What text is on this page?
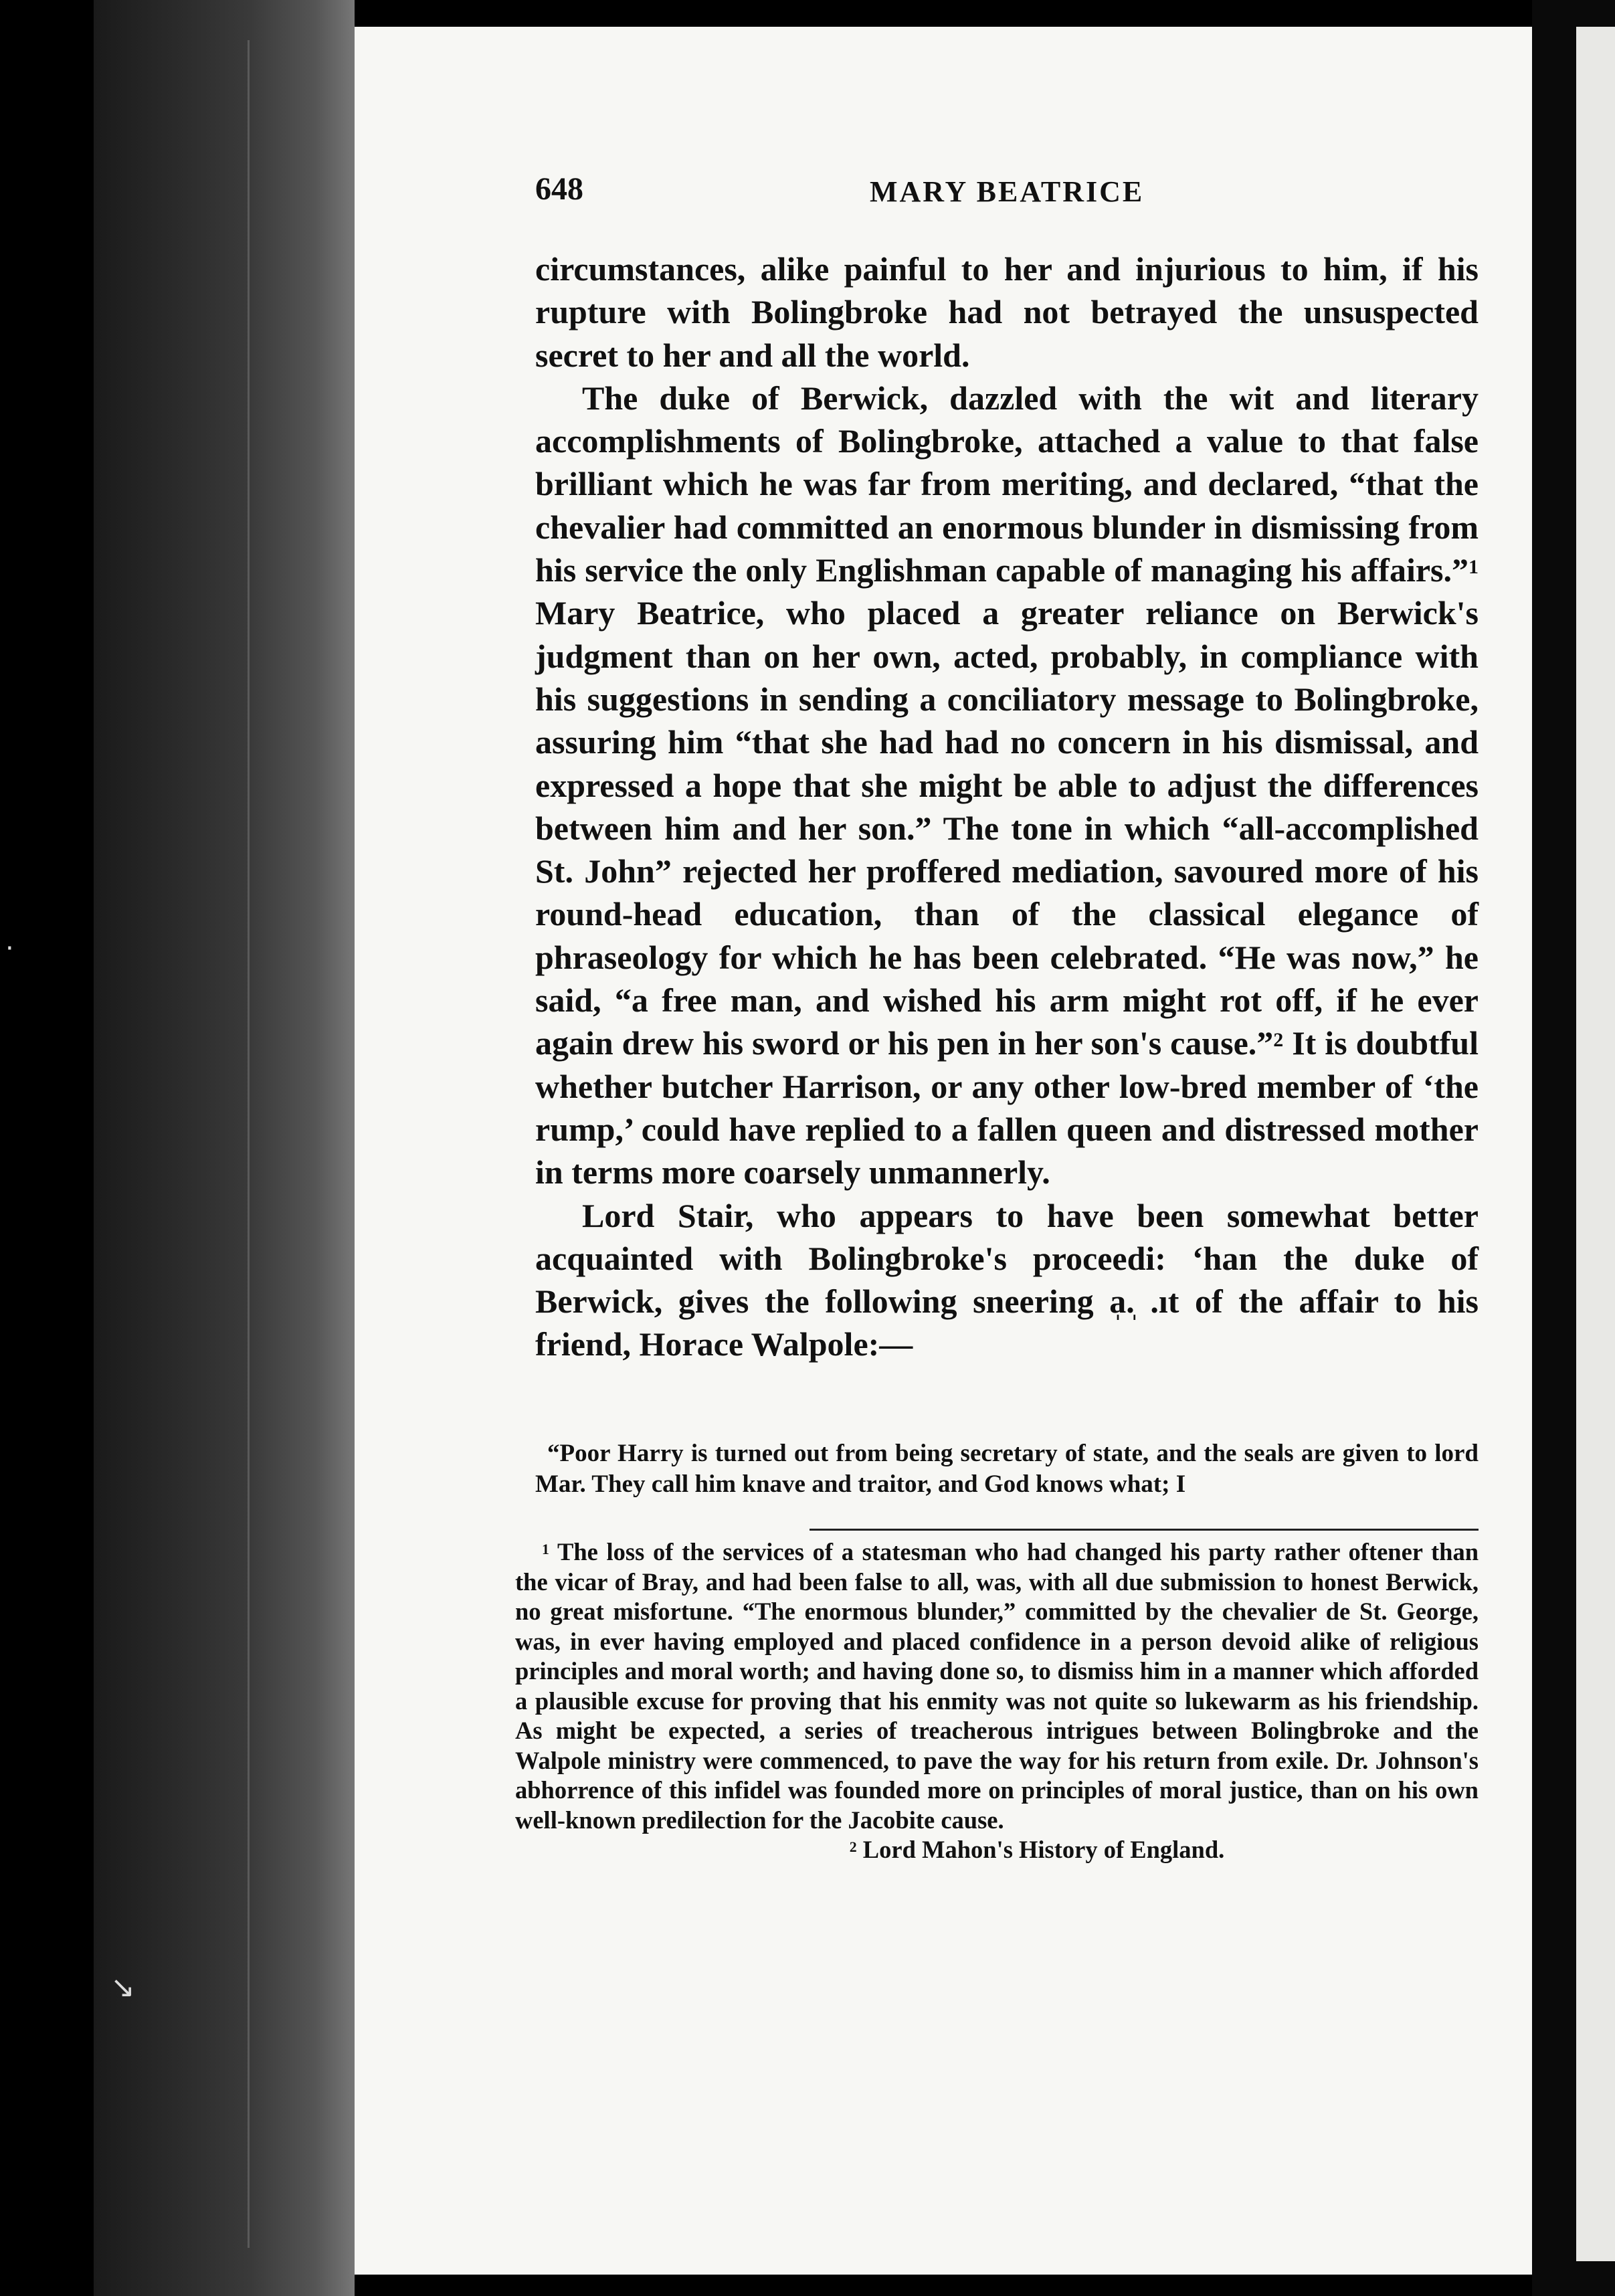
648	MARY BEATRICE

circumstances, alike painful to her and injurious to him, if his rupture with Bolingbroke had not betrayed the unsuspected secret to her and all the world.

The duke of Berwick, dazzled with the wit and literary accomplishments of Bolingbroke, attached a value to that false brilliant which he was far from meriting, and declared, “that the chevalier had committed an enormous blunder in dismissing from his service the only Englishman capable of managing his affairs.”$^1$ Mary Beatrice, who placed a greater reliance on Berwick's judgment than on her own, acted, probably, in compliance with his suggestions in sending a conciliatory message to Bolingbroke, assuring him “that she had had no concern in his dismissal, and expressed a hope that she might be able to adjust the differences between him and her son.” The tone in which “all-accomplished St. John” rejected her proffered mediation, savoured more of his round-head education, than of the classical elegance of phraseology for which he has been celebrated. “He was now,” he said, “a free man, and wished his arm might rot off, if he ever again drew his sword or his pen in her son's cause.”$^2$ It is doubtful whether butcher Harrison, or any other low-bred member of ‘the rump,’ could have replied to a fallen queen and distressed mother in terms more coarsely unmannerly.

Lord Stair, who appears to have been somewhat better acquainted with Bolingbroke's proceedi: ‘han the duke of Berwick, gives the following sneering a̩.̩ .ıt of the affair to his friend, Horace Walpole:—

“Poor Harry is turned out from being secretary of state, and the seals are given to lord Mar. They call him knave and traitor, and God knows what; I

$^1$ The loss of the services of a statesman who had changed his party rather oftener than the vicar of Bray, and had been false to all, was, with all due submission to honest Berwick, no great misfortune. “The enormous blunder,” committed by the chevalier de St. George, was, in ever having employed and placed confidence in a person devoid alike of religious principles and moral worth; and having done so, to dismiss him in a manner which afforded a plausible excuse for proving that his enmity was not quite so lukewarm as his friendship. As might be expected, a series of treacherous intrigues between Bolingbroke and the Walpole ministry were commenced, to pave the way for his return from exile. Dr. Johnson's abhorrence of this infidel was founded more on principles of moral justice, than on his own well-known predilection for the Jacobite cause.

$^2$ Lord Mahon's History of England.

·
↘
